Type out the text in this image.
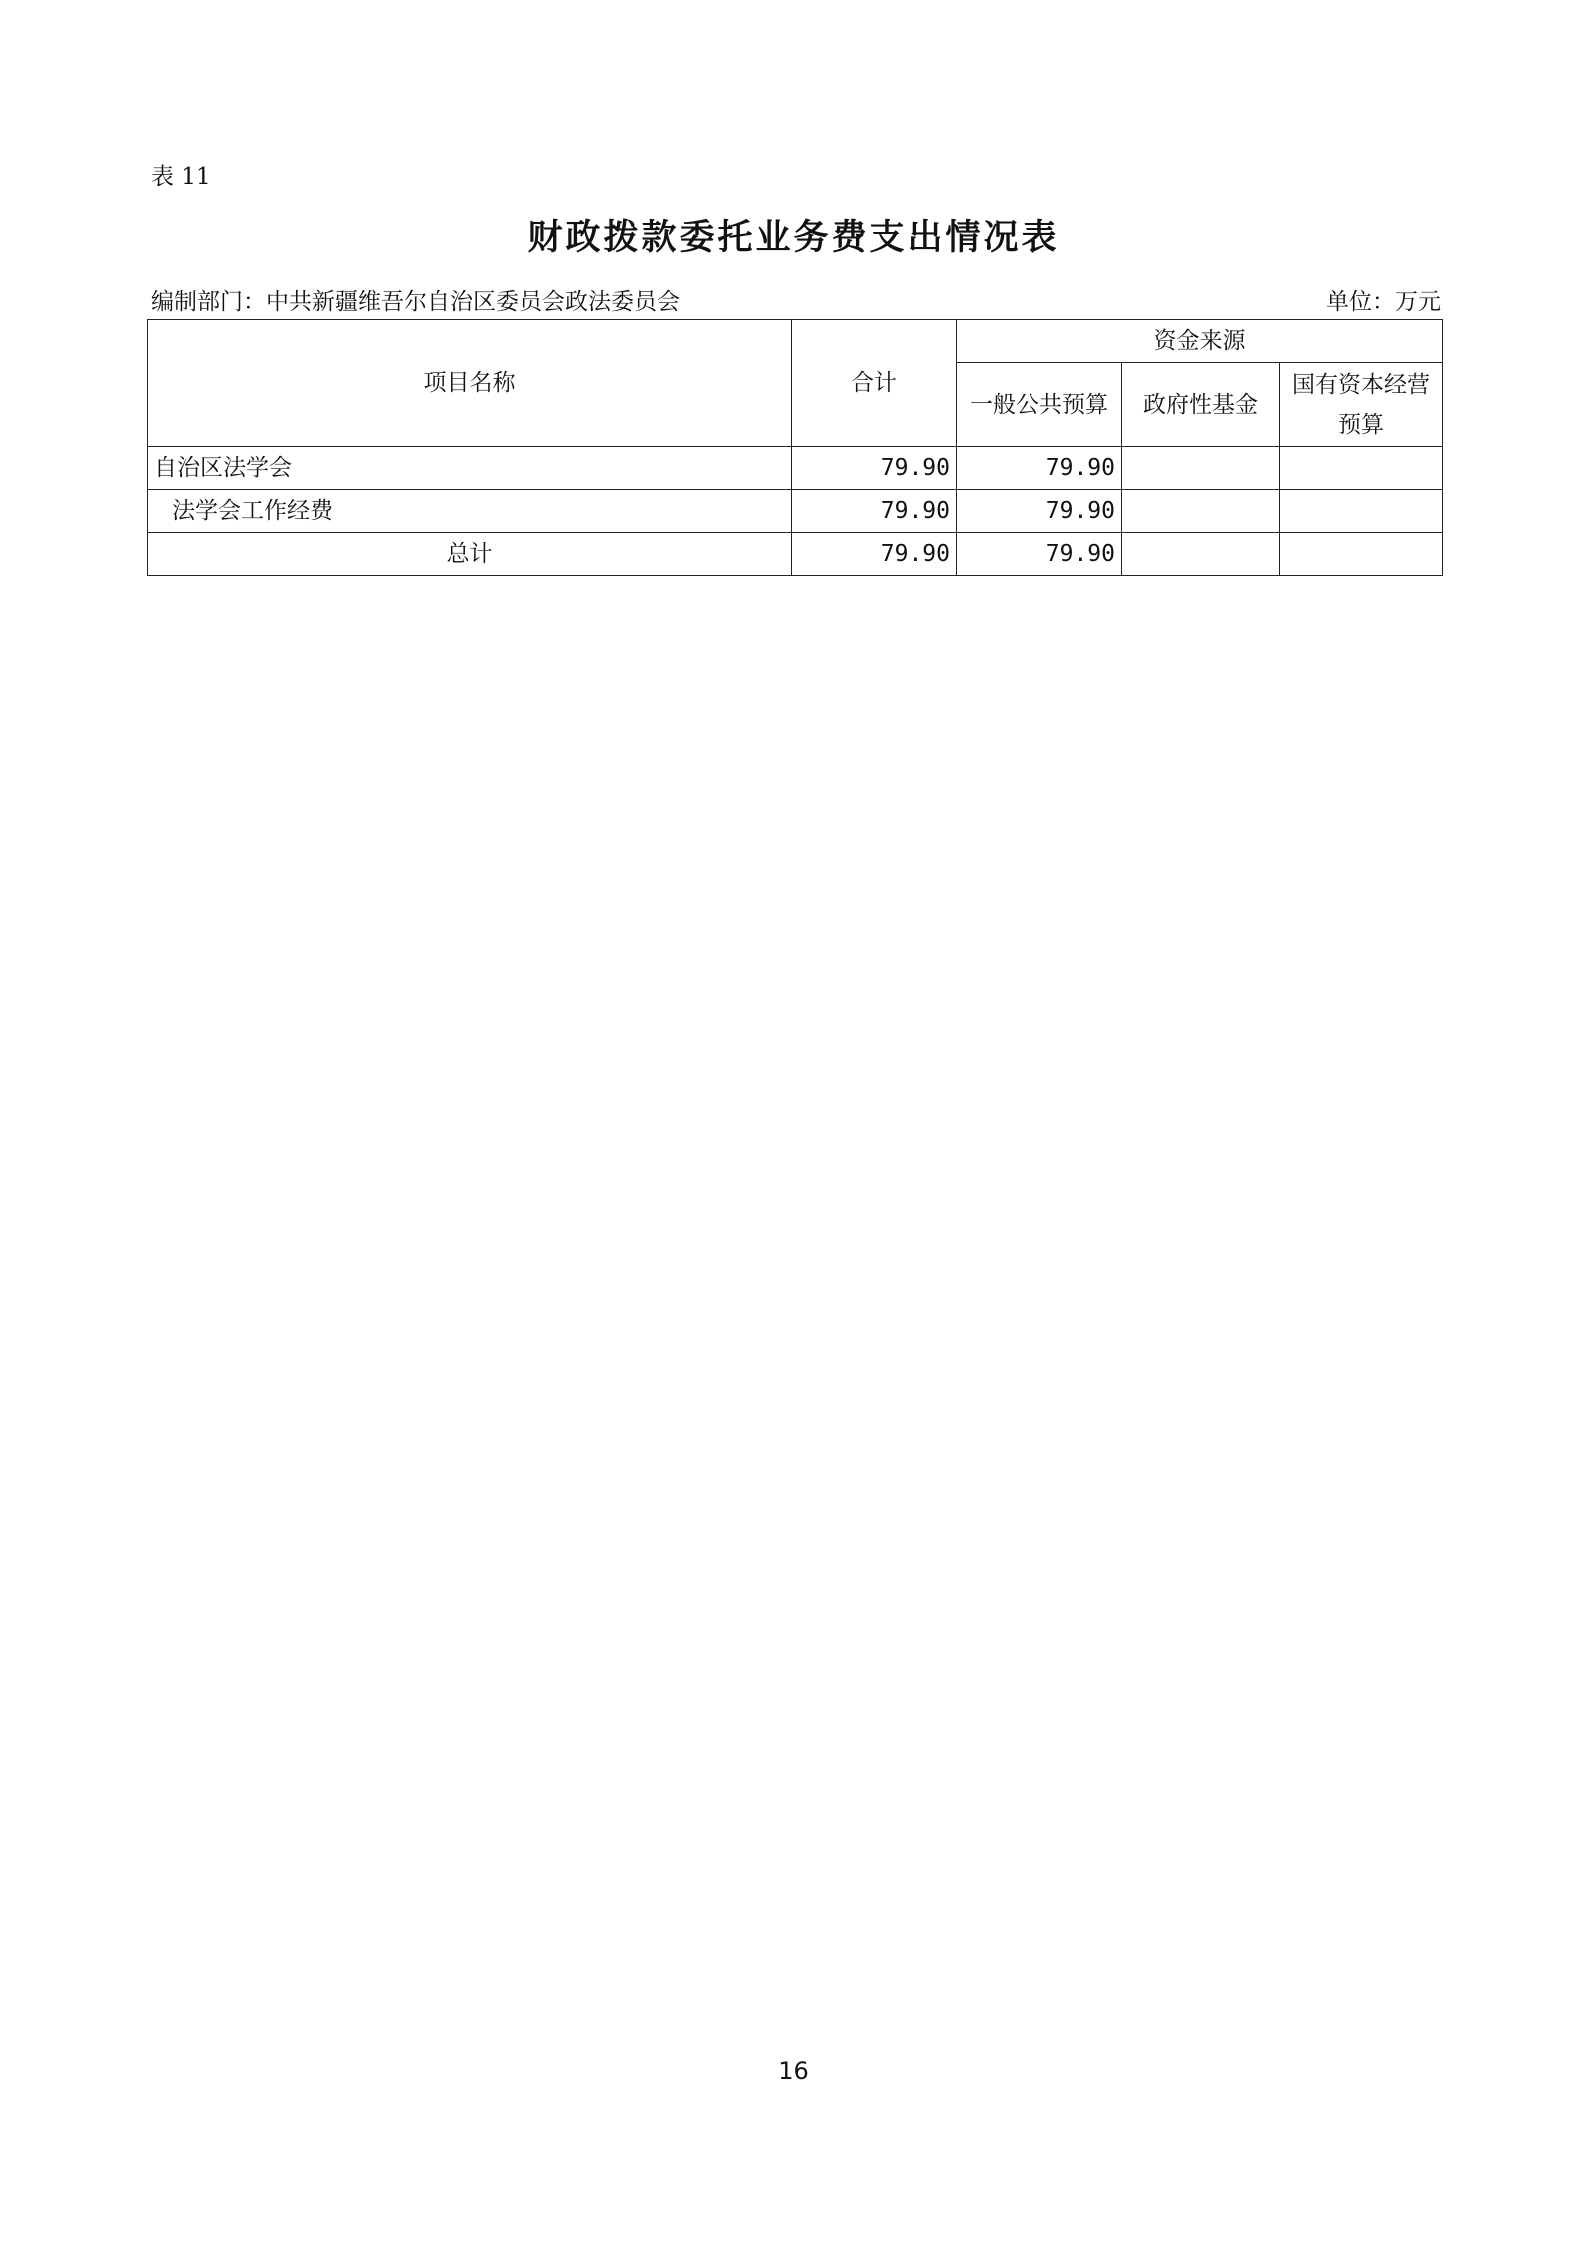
表 11
财政拨款委托业务费支出情况表
编制部门：中共新疆维吾尔自治区委员会政法委员会	单位：万元
项目名称	合计	资金来源		
		一般公共预算	政府性基金	国有资本经营
预算

自治区法学会	79.90	79.90		
法学会工作经费	79.90	79.90		
总计	79.90	79.90		
16
